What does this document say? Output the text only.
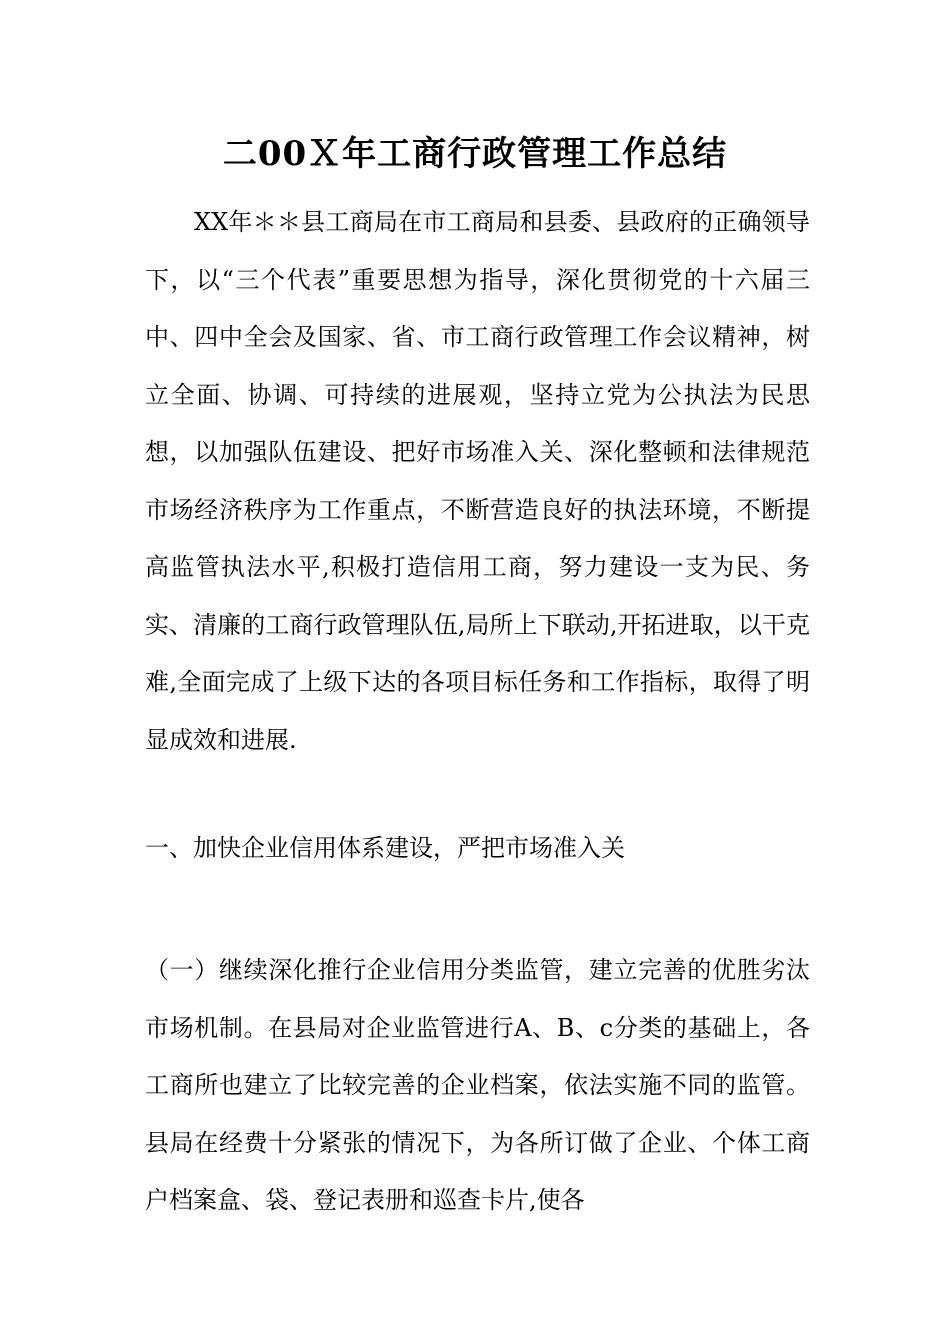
二00Ｘ年工商行政管理工作总结

XX年＊＊县工商局在市工商局和县委、县政府的正确领导下，以“三个代表”重要思想为指导，深化贯彻党的十六届三中、四中全会及国家、省、市工商行政管理工作会议精神，树立全面、协调、可持续的进展观，坚持立党为公执法为民思想，以加强队伍建设、把好市场准入关、深化整顿和法律规范市场经济秩序为工作重点，不断营造良好的执法环境，不断提高监管执法水平,积极打造信用工商，努力建设一支为民、务实、清廉的工商行政管理队伍,局所上下联动,开拓进取，以干克难,全面完成了上级下达的各项目标任务和工作指标，取得了明显成效和进展.

一、加快企业信用体系建设，严把市场准入关

（一）继续深化推行企业信用分类监管，建立完善的优胜劣汰市场机制。在县局对企业监管进行A、B、c分类的基础上，各工商所也建立了比较完善的企业档案，依法实施不同的监管。县局在经费十分紧张的情况下，为各所订做了企业、个体工商户档案盒、袋、登记表册和巡查卡片,使各
